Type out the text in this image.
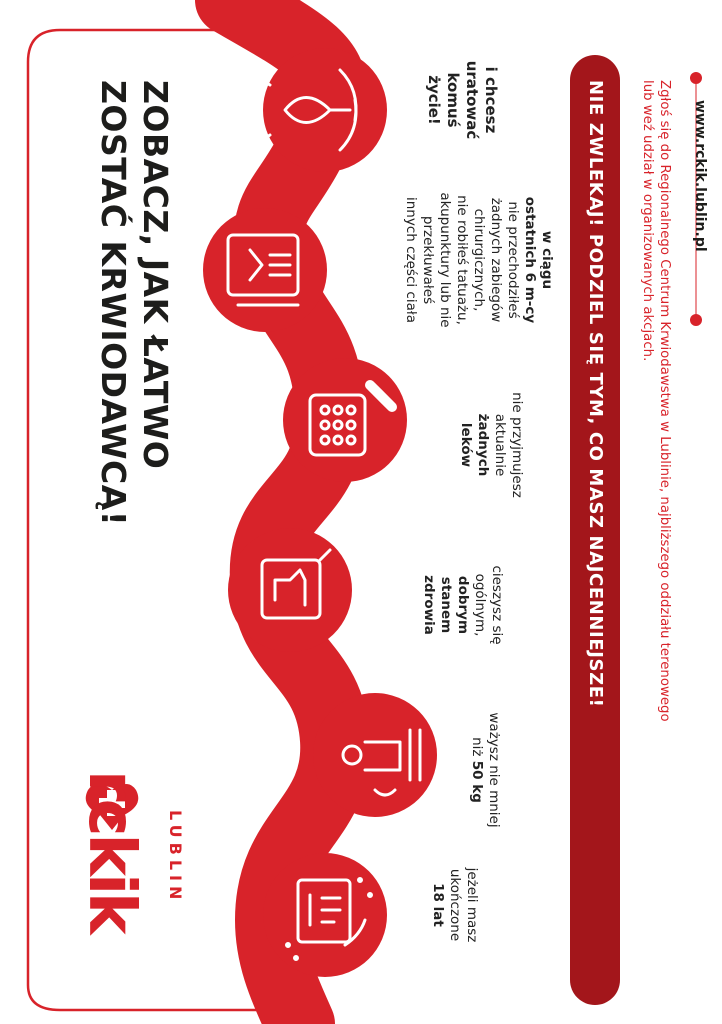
ZOBACZ, JAK ŁATWO
ZOSTAĆ KRWIODAWCĄ!
rckik LUBLIN
jeżeli masz
ukończone
18 lat
ważysz nie mniej
niż 50 kg
cieszysz się
ogólnym,
dobrym
stanem
zdrowia
nie przyjmujesz
aktualnie
żadnych
leków
w ciągu
ostatnich 6 m-cy
nie przechodziłeś
żadnych zabiegów
chirurgicznych,
nie robiłeś tatuażu,
akupunktury lub nie
przekłuwałeś
innych części ciała
i chcesz
uratować
komuś
życie!	NIE ZWLEKAJ! PODZIEL SIĘ TYM, CO MASZ NAJCENNIEJSZE!	Zgłoś się do Regionalnego Centrum Krwiodawstwa w Lublinie, najbliższego oddziału terenowego
lub weź udział w organizowanych akcjach.	www.rckik.lublin.pl
